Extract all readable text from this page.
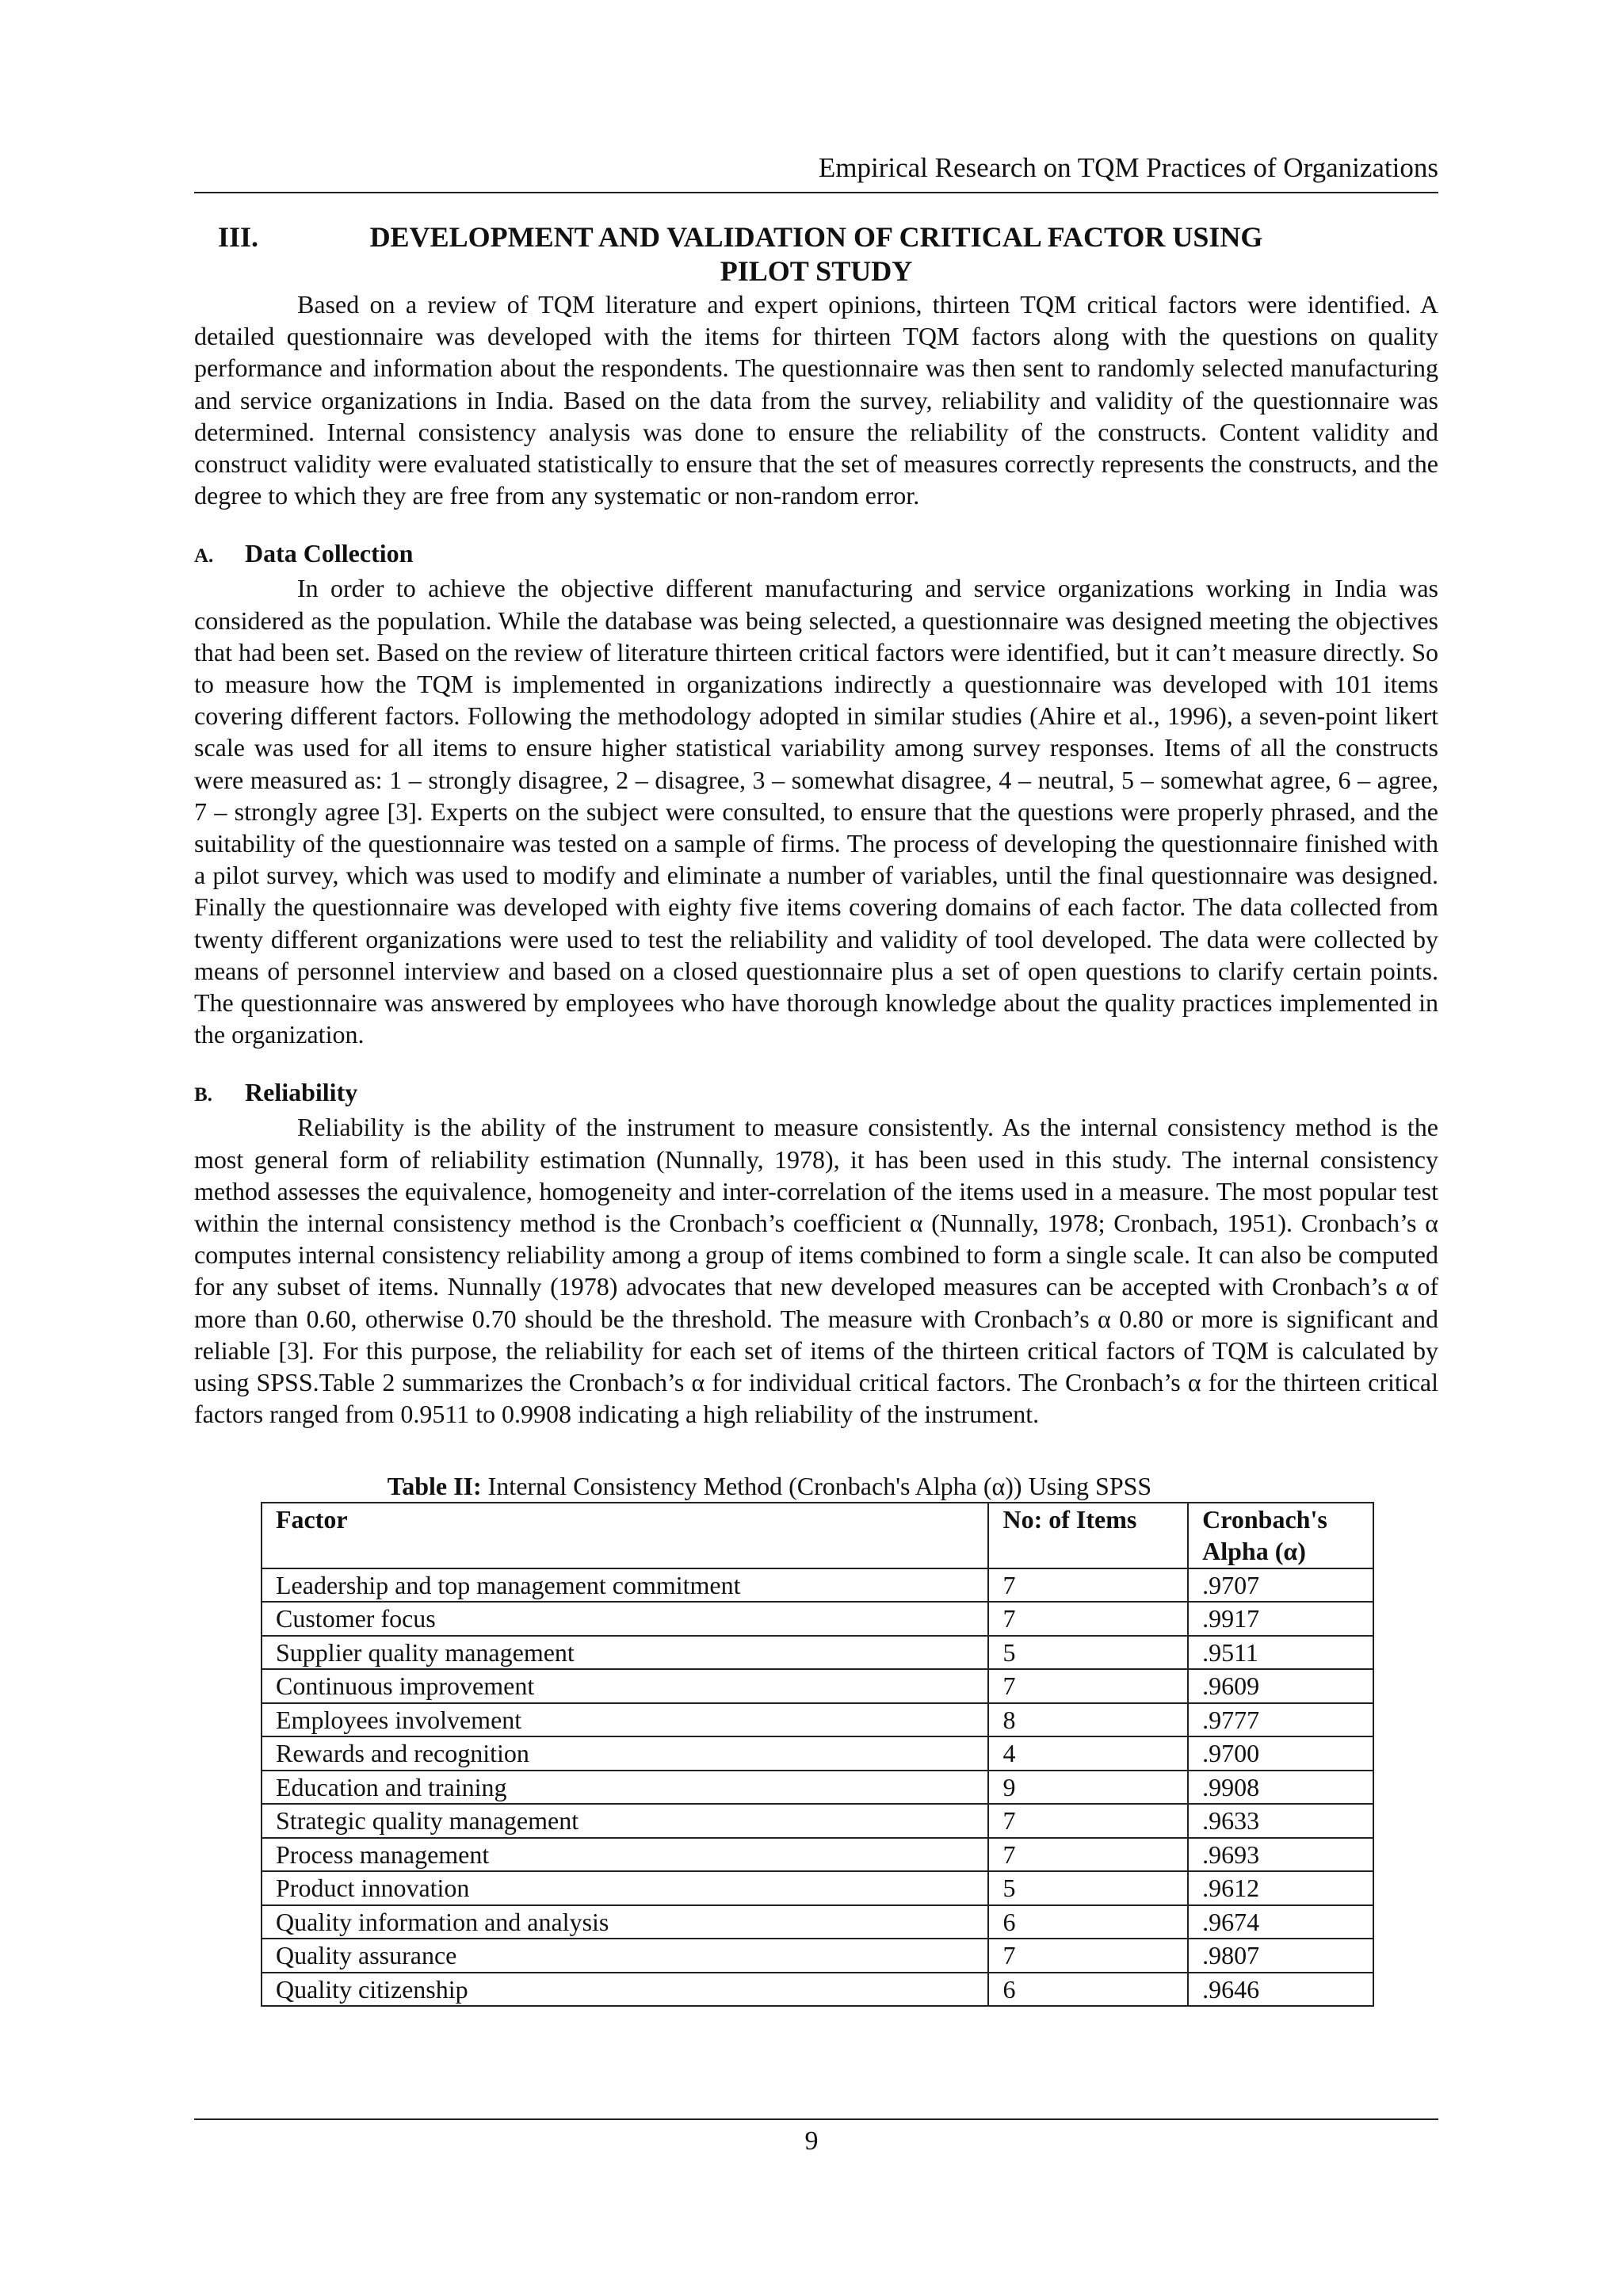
Empirical Research on TQM Practices of Organizations
III.	DEVELOPMENT AND VALIDATION OF CRITICAL FACTOR USING PILOT STUDY

Based on a review of TQM literature and expert opinions, thirteen TQM critical factors were identified. A detailed questionnaire was developed with the items for thirteen TQM factors along with the questions on quality performance and information about the respondents. The questionnaire was then sent to randomly selected manufacturing and service organizations in India. Based on the data from the survey, reliability and validity of the questionnaire was determined. Internal consistency analysis was done to ensure the reliability of the constructs. Content validity and construct validity were evaluated statistically to ensure that the set of measures correctly represents the constructs, and the degree to which they are free from any systematic or non-random error.

A. Data Collection

In order to achieve the objective different manufacturing and service organizations working in India was considered as the population. While the database was being selected, a questionnaire was designed meeting the objectives that had been set. Based on the review of literature thirteen critical factors were identified, but it can’t measure directly. So to measure how the TQM is implemented in organizations indirectly a questionnaire was developed with 101 items covering different factors. Following the methodology adopted in similar studies (Ahire et al., 1996), a seven-point likert scale was used for all items to ensure higher statistical variability among survey responses. Items of all the constructs were measured as: 1 – strongly disagree, 2 – disagree, 3 – somewhat disagree, 4 – neutral, 5 – somewhat agree, 6 – agree, 7 – strongly agree [3]. Experts on the subject were consulted, to ensure that the questions were properly phrased, and the suitability of the questionnaire was tested on a sample of firms. The process of developing the questionnaire finished with a pilot survey, which was used to modify and eliminate a number of variables, until the final questionnaire was designed. Finally the questionnaire was developed with eighty five items covering domains of each factor. The data collected from twenty different organizations were used to test the reliability and validity of tool developed. The data were collected by means of personnel interview and based on a closed questionnaire plus a set of open questions to clarify certain points. The questionnaire was answered by employees who have thorough knowledge about the quality practices implemented in the organization.

B. Reliability

Reliability is the ability of the instrument to measure consistently. As the internal consistency method is the most general form of reliability estimation (Nunnally, 1978), it has been used in this study. The internal consistency method assesses the equivalence, homogeneity and inter-correlation of the items used in a measure. The most popular test within the internal consistency method is the Cronbach’s coefficient α (Nunnally, 1978; Cronbach, 1951). Cronbach’s α computes internal consistency reliability among a group of items combined to form a single scale. It can also be computed for any subset of items. Nunnally (1978) advocates that new developed measures can be accepted with Cronbach’s α of more than 0.60, otherwise 0.70 should be the threshold. The measure with Cronbach’s α 0.80 or more is significant and reliable [3]. For this purpose, the reliability for each set of items of the thirteen critical factors of TQM is calculated by using SPSS.Table 2 summarizes the Cronbach’s α for individual critical factors. The Cronbach’s α for the thirteen critical factors ranged from 0.9511 to 0.9908 indicating a high reliability of the instrument.

Table II: Internal Consistency Method (Cronbach's Alpha (α)) Using SPSS
Factor	No: of Items	Cronbach's Alpha (α)
Leadership and top management commitment	7	.9707
Customer focus	7	.9917
Supplier quality management	5	.9511
Continuous improvement	7	.9609
Employees involvement	8	.9777
Rewards and recognition	4	.9700
Education and training	9	.9908
Strategic quality management	7	.9633
Process management	7	.9693
Product innovation	5	.9612
Quality information and analysis	6	.9674
Quality assurance	7	.9807
Quality citizenship	6	.9646
9
